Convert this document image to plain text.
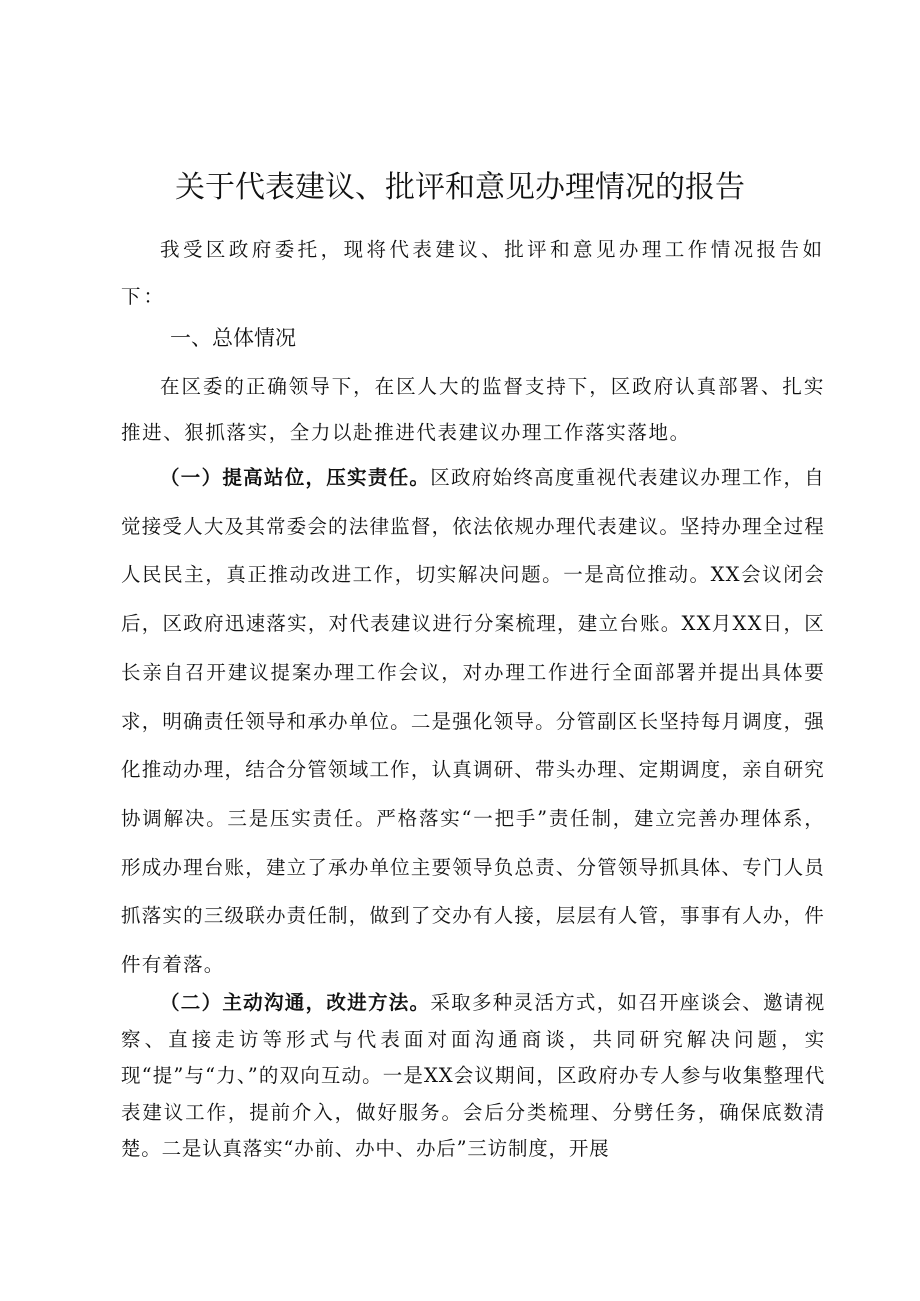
关于代表建议、批评和意见办理情况的报告

我受区政府委托，现将代表建议、批评和意见办理工作情况报告如下：

一、总体情况

在区委的正确领导下，在区人大的监督支持下，区政府认真部署、扎实推进、狠抓落实，全力以赴推进代表建议办理工作落实落地。

（一）提高站位，压实责任。区政府始终高度重视代表建议办理工作，自觉接受人大及其常委会的法律监督，依法依规办理代表建议。坚持办理全过程人民民主，真正推动改进工作，切实解决问题。一是高位推动。XX会议闭会后，区政府迅速落实，对代表建议进行分案梳理，建立台账。XX月XX日，区长亲自召开建议提案办理工作会议，对办理工作进行全面部署并提出具体要求，明确责任领导和承办单位。二是强化领导。分管副区长坚持每月调度，强化推动办理，结合分管领域工作，认真调研、带头办理、定期调度，亲自研究协调解决。三是压实责任。严格落实“一把手”责任制，建立完善办理体系，形成办理台账，建立了承办单位主要领导负总责、分管领导抓具体、专门人员抓落实的三级联办责任制，做到了交办有人接，层层有人管，事事有人办，件件有着落。

（二）主动沟通，改进方法。采取多种灵活方式，如召开座谈会、邀请视察、直接走访等形式与代表面对面沟通商谈，共同研究解决问题，实现“提”与“力、”的双向互动。一是XX会议期间，区政府办专人参与收集整理代表建议工作，提前介入，做好服务。会后分类梳理、分劈任务，确保底数清楚。二是认真落实“办前、办中、办后”三访制度，开展
